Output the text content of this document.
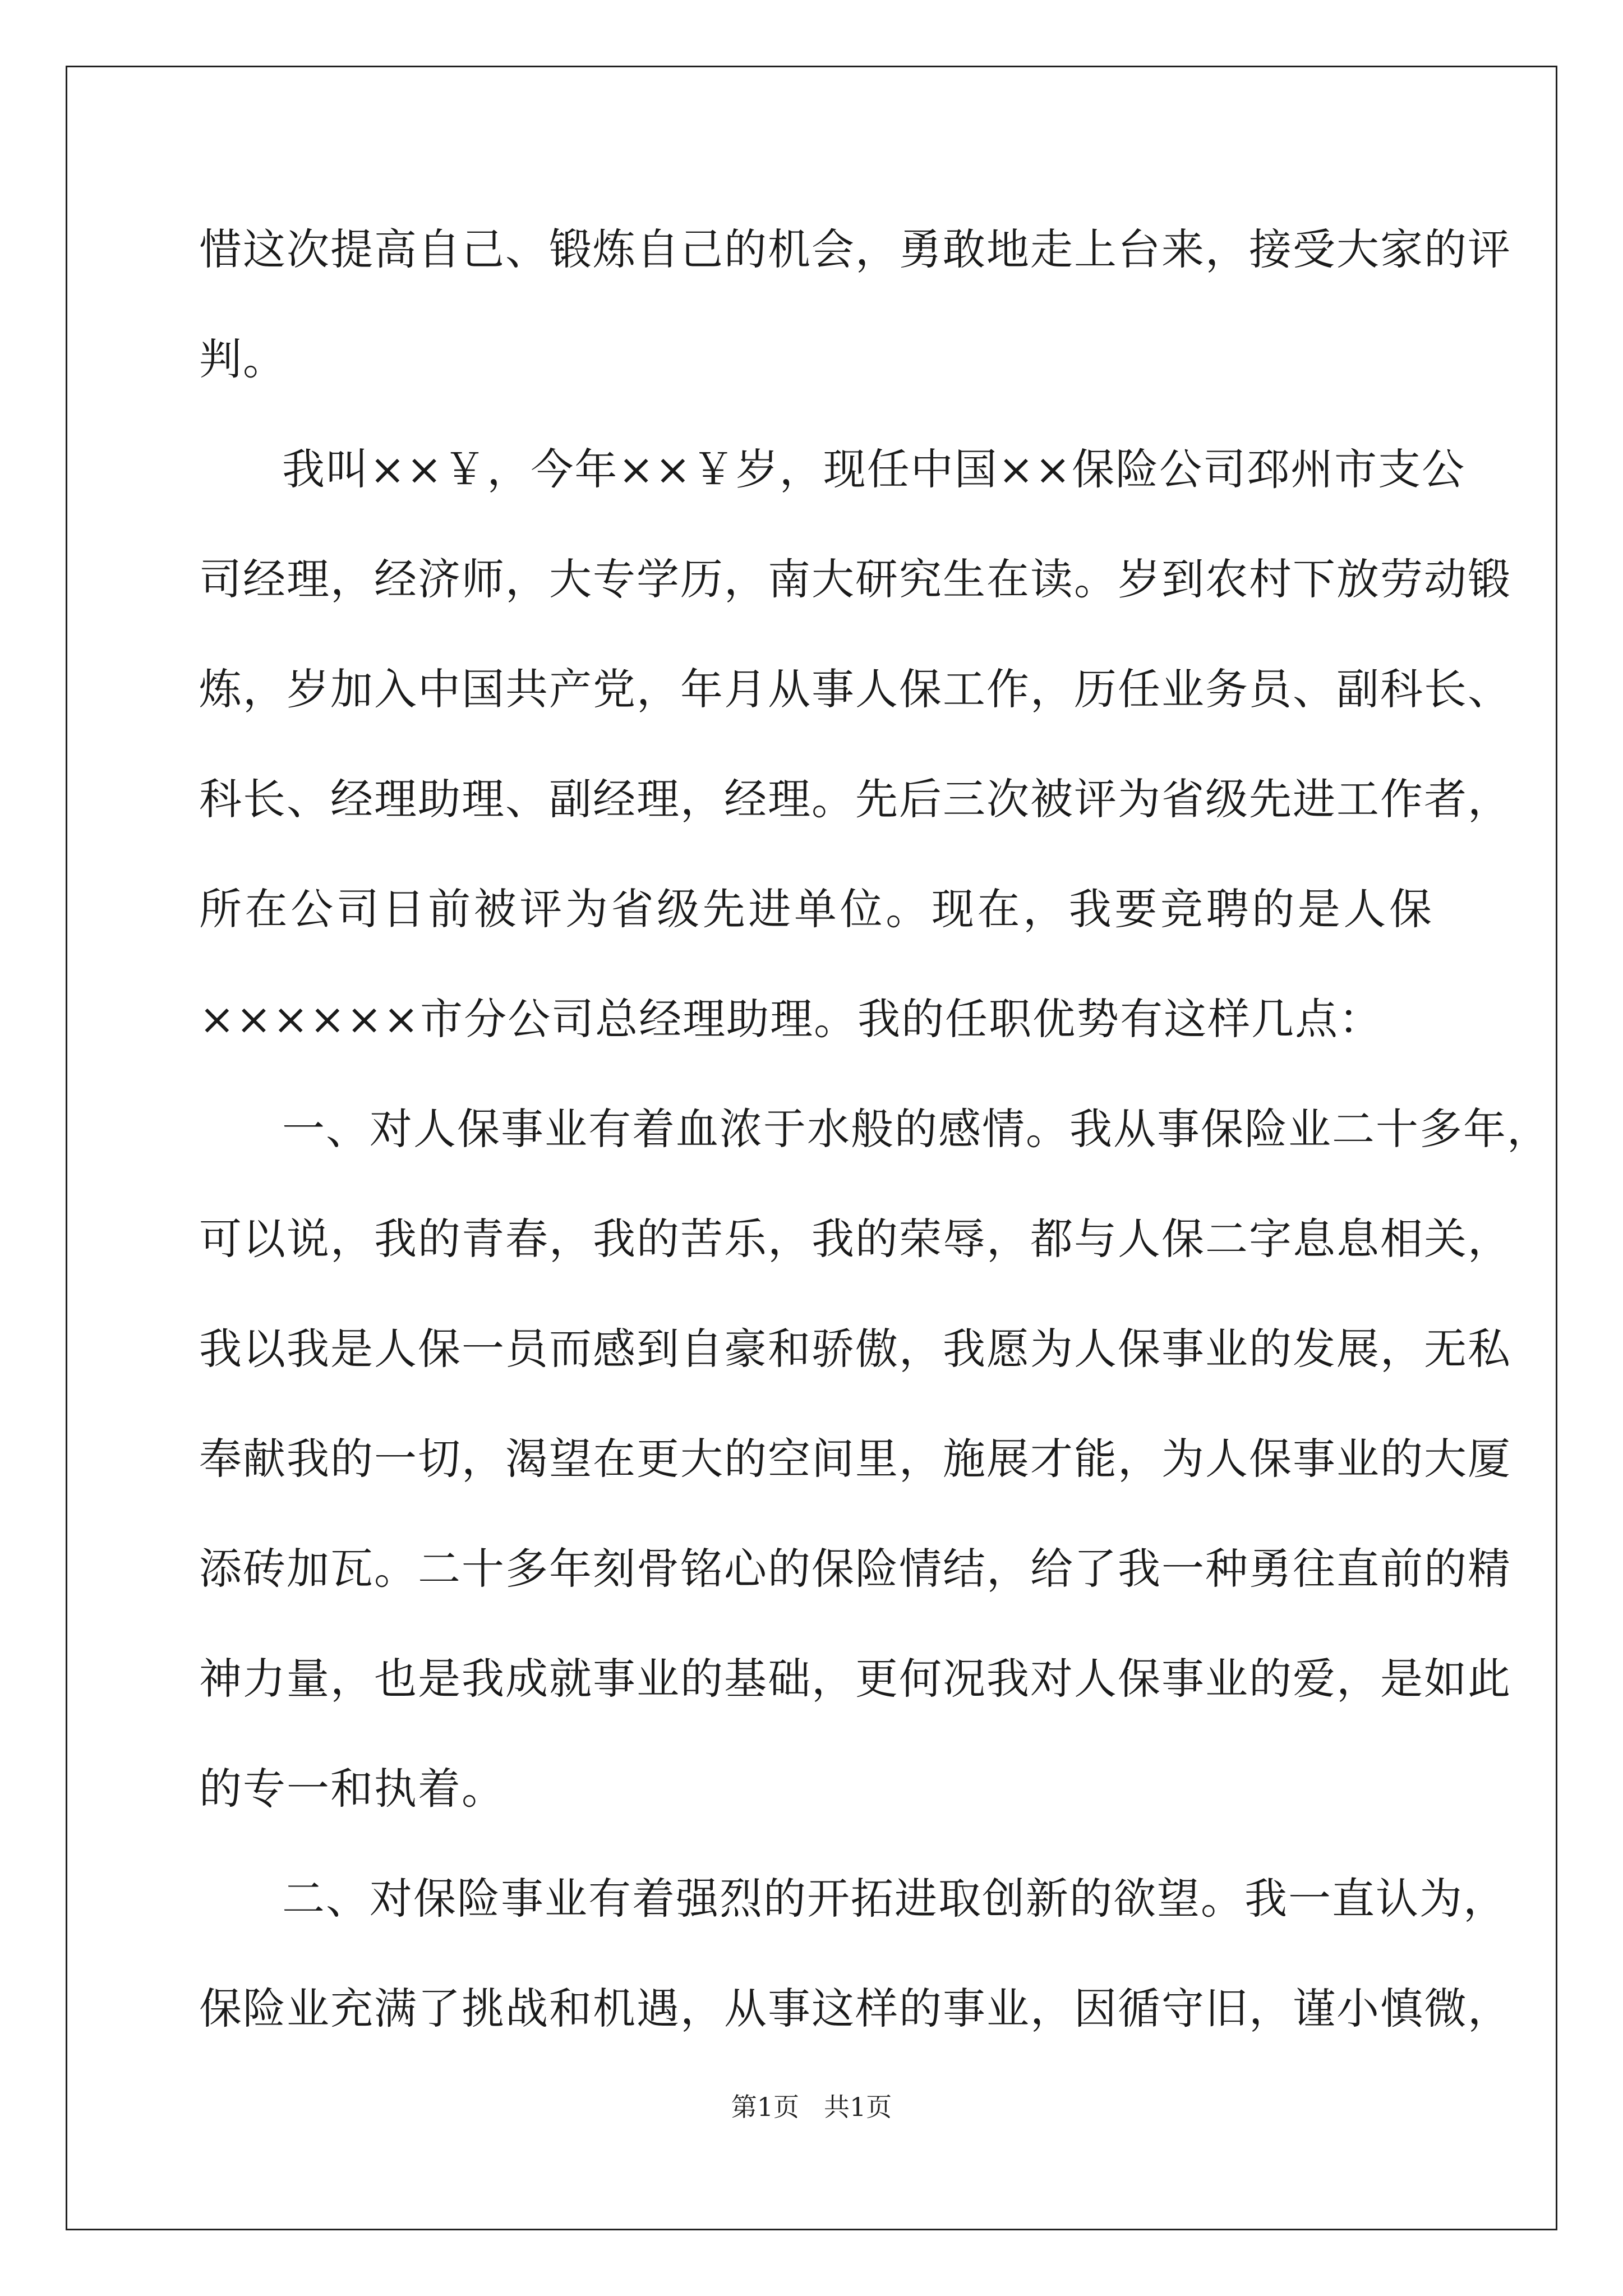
惜这次提高自己、锻炼自己的机会，勇敢地走上台来，接受大家的评
判。
我叫××￥，今年××￥岁，现任中国××保险公司邳州市支公
司经理，经济师，大专学历，南大研究生在读。岁到农村下放劳动锻
炼，岁加入中国共产党，年月从事人保工作，历任业务员、副科长、
科长、经理助理、副经理，经理。先后三次被评为省级先进工作者，
所在公司日前被评为省级先进单位。现在，我要竞聘的是人保
××××××市分公司总经理助理。我的任职优势有这样几点：
一、对人保事业有着血浓于水般的感情。我从事保险业二十多年，
可以说，我的青春，我的苦乐，我的荣辱，都与人保二字息息相关，
我以我是人保一员而感到自豪和骄傲，我愿为人保事业的发展，无私
奉献我的一切，渴望在更大的空间里，施展才能，为人保事业的大厦
添砖加瓦。二十多年刻骨铭心的保险情结，给了我一种勇往直前的精
神力量，也是我成就事业的基础，更何况我对人保事业的爱，是如此
的专一和执着。
二、对保险事业有着强烈的开拓进取创新的欲望。我一直认为，
保险业充满了挑战和机遇，从事这样的事业，因循守旧，谨小慎微，
第1页 共1页
